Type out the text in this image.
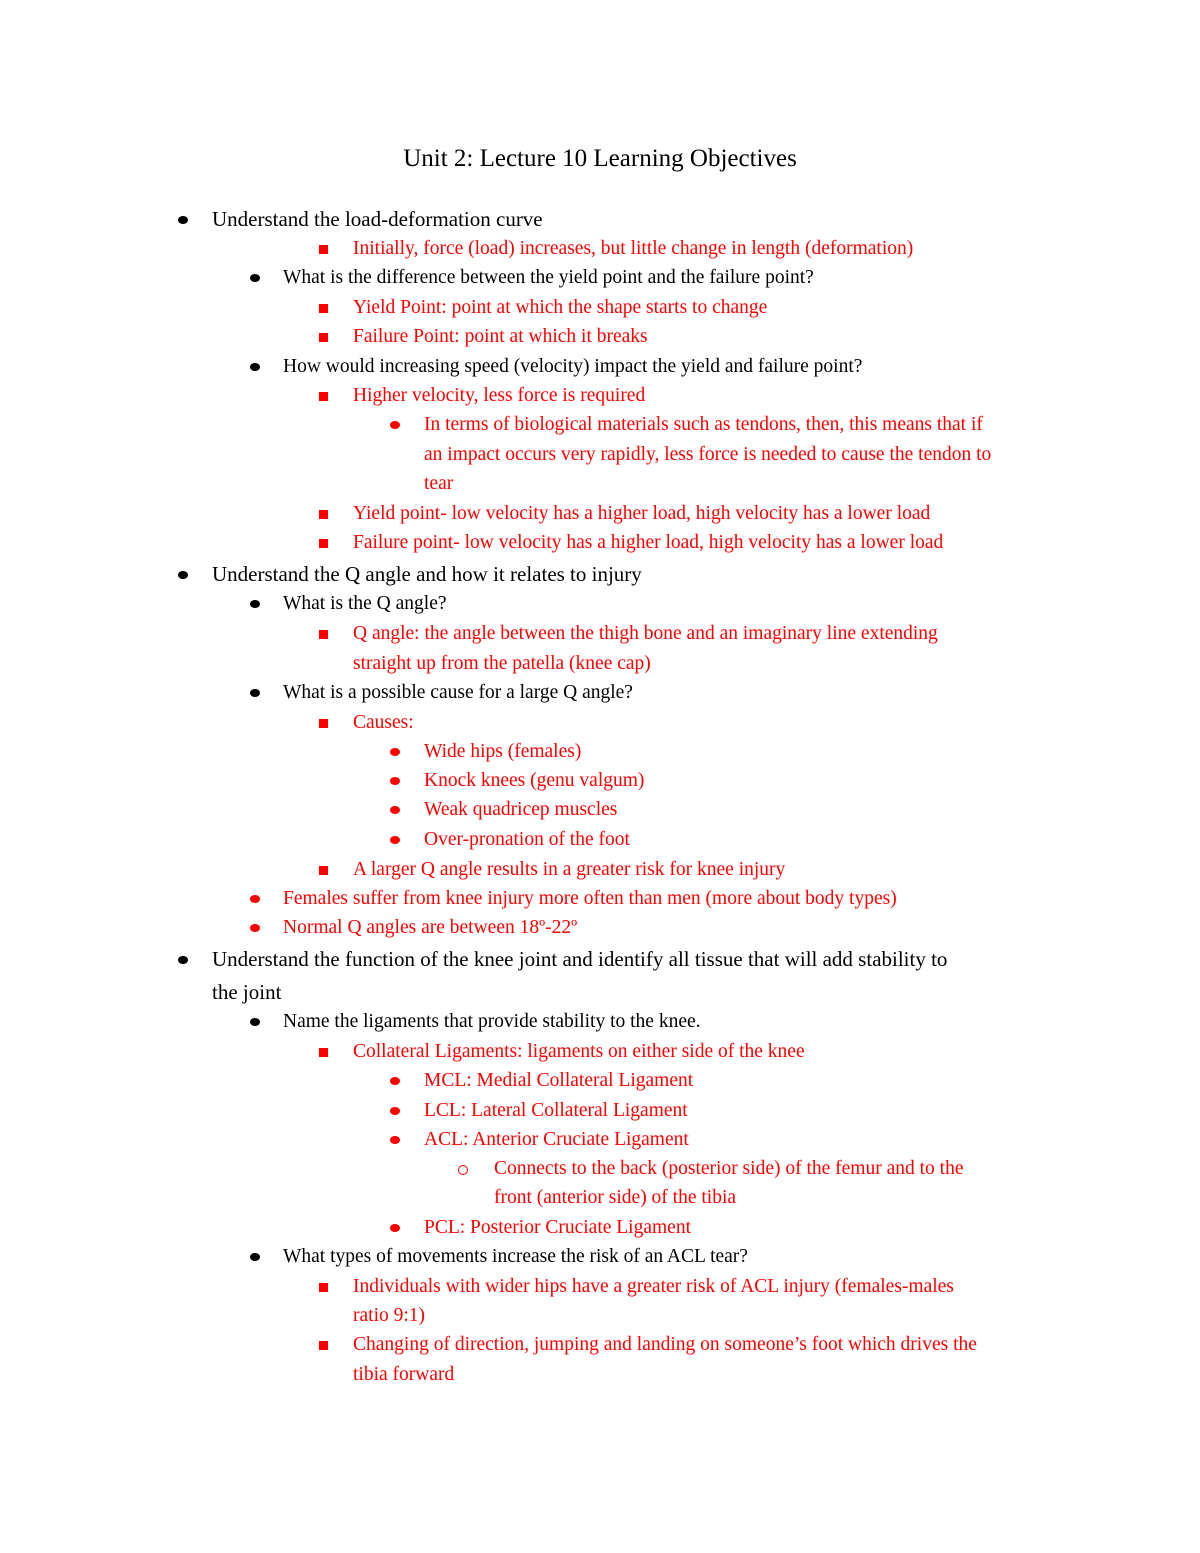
Unit 2: Lecture 10 Learning Objectives
Understand the load-deformation curve
Initially, force (load) increases, but little change in length (deformation)
What is the difference between the yield point and the failure point?
Yield Point: point at which the shape starts to change
Failure Point: point at which it breaks
How would increasing speed (velocity) impact the yield and failure point?
Higher velocity, less force is required
In terms of biological materials such as tendons, then, this means that if
an impact occurs very rapidly, less force is needed to cause the tendon to
tear
Yield point- low velocity has a higher load, high velocity has a lower load
Failure point- low velocity has a higher load, high velocity has a lower load
Understand the Q angle and how it relates to injury
What is the Q angle?
Q angle: the angle between the thigh bone and an imaginary line extending
straight up from the patella (knee cap)
What is a possible cause for a large Q angle?
Causes:
Wide hips (females)
Knock knees (genu valgum)
Weak quadricep muscles
Over-pronation of the foot
A larger Q angle results in a greater risk for knee injury
Females suffer from knee injury more often than men (more about body types)
Normal Q angles are between 18º-22º
Understand the function of the knee joint and identify all tissue that will add stability to
the joint
Name the ligaments that provide stability to the knee.
Collateral Ligaments: ligaments on either side of the knee
MCL: Medial Collateral Ligament
LCL: Lateral Collateral Ligament
ACL: Anterior Cruciate Ligament
Connects to the back (posterior side) of the femur and to the
front (anterior side) of the tibia
PCL: Posterior Cruciate Ligament
What types of movements increase the risk of an ACL tear?
Individuals with wider hips have a greater risk of ACL injury (females-males
ratio 9:1)
Changing of direction, jumping and landing on someone’s foot which drives the
tibia forward
